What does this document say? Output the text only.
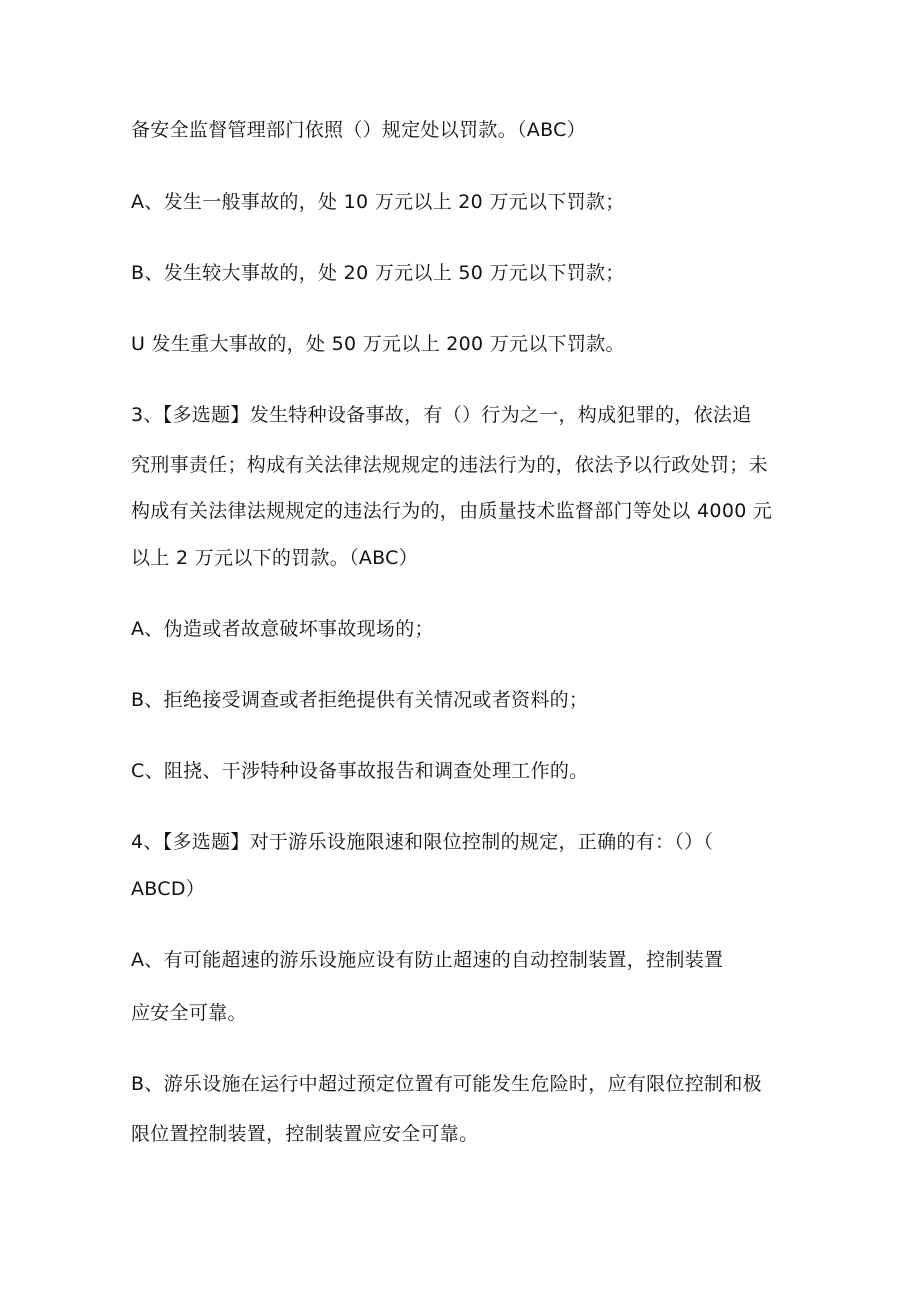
备安全监督管理部门依照（）规定处以罚款。（ABC）
A、发生一般事故的，处 10 万元以上 20 万元以下罚款；
B、发生较大事故的，处 20 万元以上 50 万元以下罚款；
U 发生重大事故的，处 50 万元以上 200 万元以下罚款。
3、【多选题】发生特种设备事故，有（）行为之一，构成犯罪的，依法追
究刑事责任；构成有关法律法规规定的违法行为的，依法予以行政处罚；未
构成有关法律法规规定的违法行为的，由质量技术监督部门等处以 4000 元
以上 2 万元以下的罚款。（ABC）
A、伪造或者故意破坏事故现场的；
B、拒绝接受调查或者拒绝提供有关情况或者资料的；
C、阻挠、干涉特种设备事故报告和调查处理工作的。
4、【多选题】对于游乐设施限速和限位控制的规定，正确的有：（）（
ABCD）
A、有可能超速的游乐设施应设有防止超速的自动控制装置，控制装置
应安全可靠。
B、游乐设施在运行中超过预定位置有可能发生危险时，应有限位控制和极
限位置控制装置，控制装置应安全可靠。
